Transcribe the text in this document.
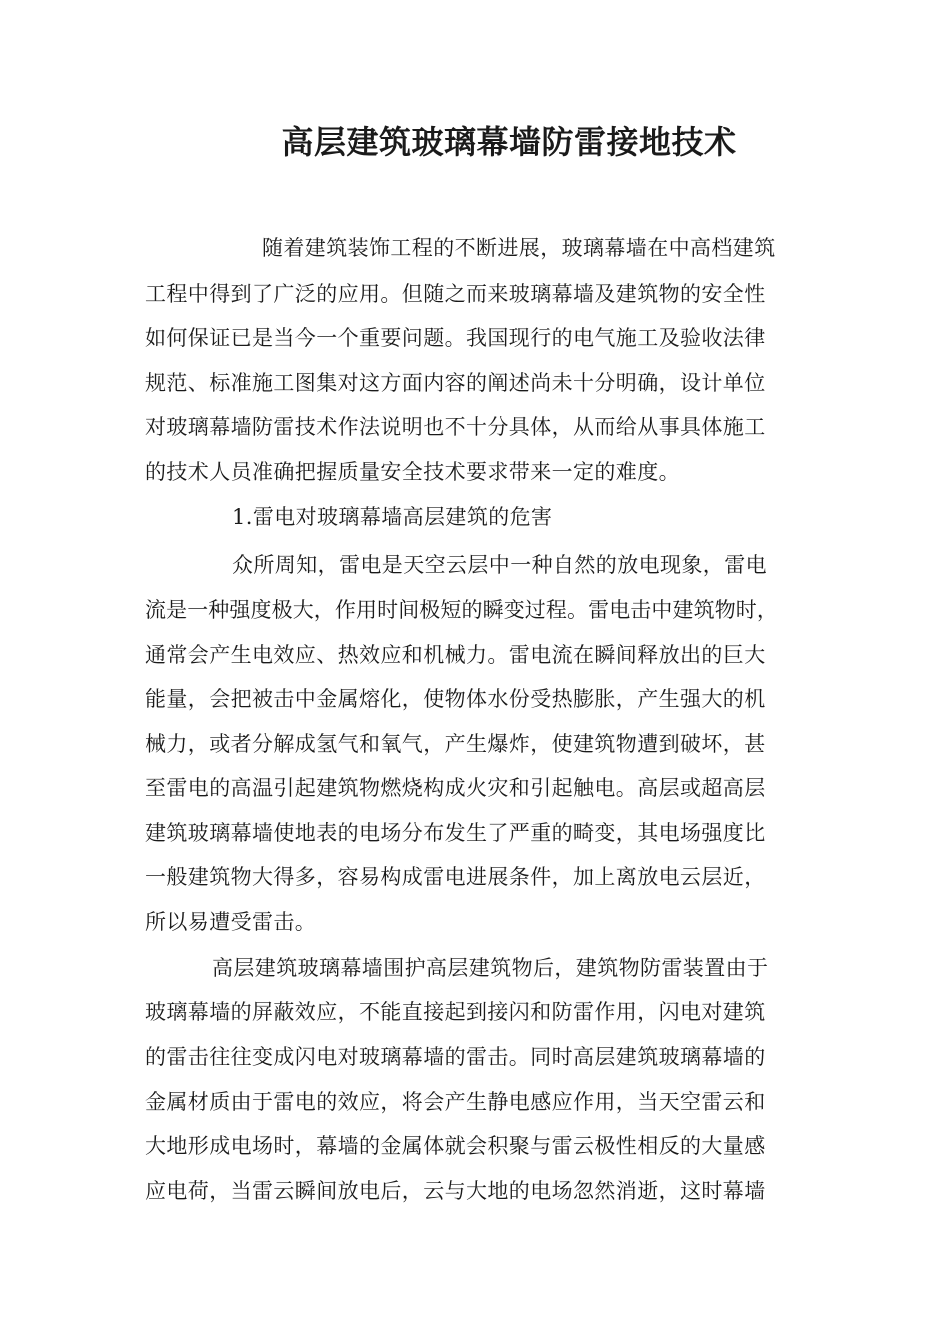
高层建筑玻璃幕墙防雷接地技术
随着建筑装饰工程的不断进展，玻璃幕墙在中高档建筑
工程中得到了广泛的应用。但随之而来玻璃幕墙及建筑物的安全性
如何保证已是当今一个重要问题。我国现行的电气施工及验收法律
规范、标准施工图集对这方面内容的阐述尚未十分明确，设计单位
对玻璃幕墙防雷技术作法说明也不十分具体，从而给从事具体施工
的技术人员准确把握质量安全技术要求带来一定的难度。
1.雷电对玻璃幕墙高层建筑的危害
众所周知，雷电是天空云层中一种自然的放电现象，雷电
流是一种强度极大，作用时间极短的瞬变过程。雷电击中建筑物时，
通常会产生电效应、热效应和机械力。雷电流在瞬间释放出的巨大
能量，会把被击中金属熔化，使物体水份受热膨胀，产生强大的机
械力，或者分解成氢气和氧气，产生爆炸，使建筑物遭到破坏，甚
至雷电的高温引起建筑物燃烧构成火灾和引起触电。高层或超高层
建筑玻璃幕墙使地表的电场分布发生了严重的畸变，其电场强度比
一般建筑物大得多，容易构成雷电进展条件，加上离放电云层近，
所以易遭受雷击。
高层建筑玻璃幕墙围护高层建筑物后，建筑物防雷装置由于
玻璃幕墙的屏蔽效应，不能直接起到接闪和防雷作用，闪电对建筑
的雷击往往变成闪电对玻璃幕墙的雷击。同时高层建筑玻璃幕墙的
金属材质由于雷电的效应，将会产生静电感应作用，当天空雷云和
大地形成电场时，幕墙的金属体就会积聚与雷云极性相反的大量感
应电荷，当雷云瞬间放电后，云与大地的电场忽然消逝，这时幕墙
